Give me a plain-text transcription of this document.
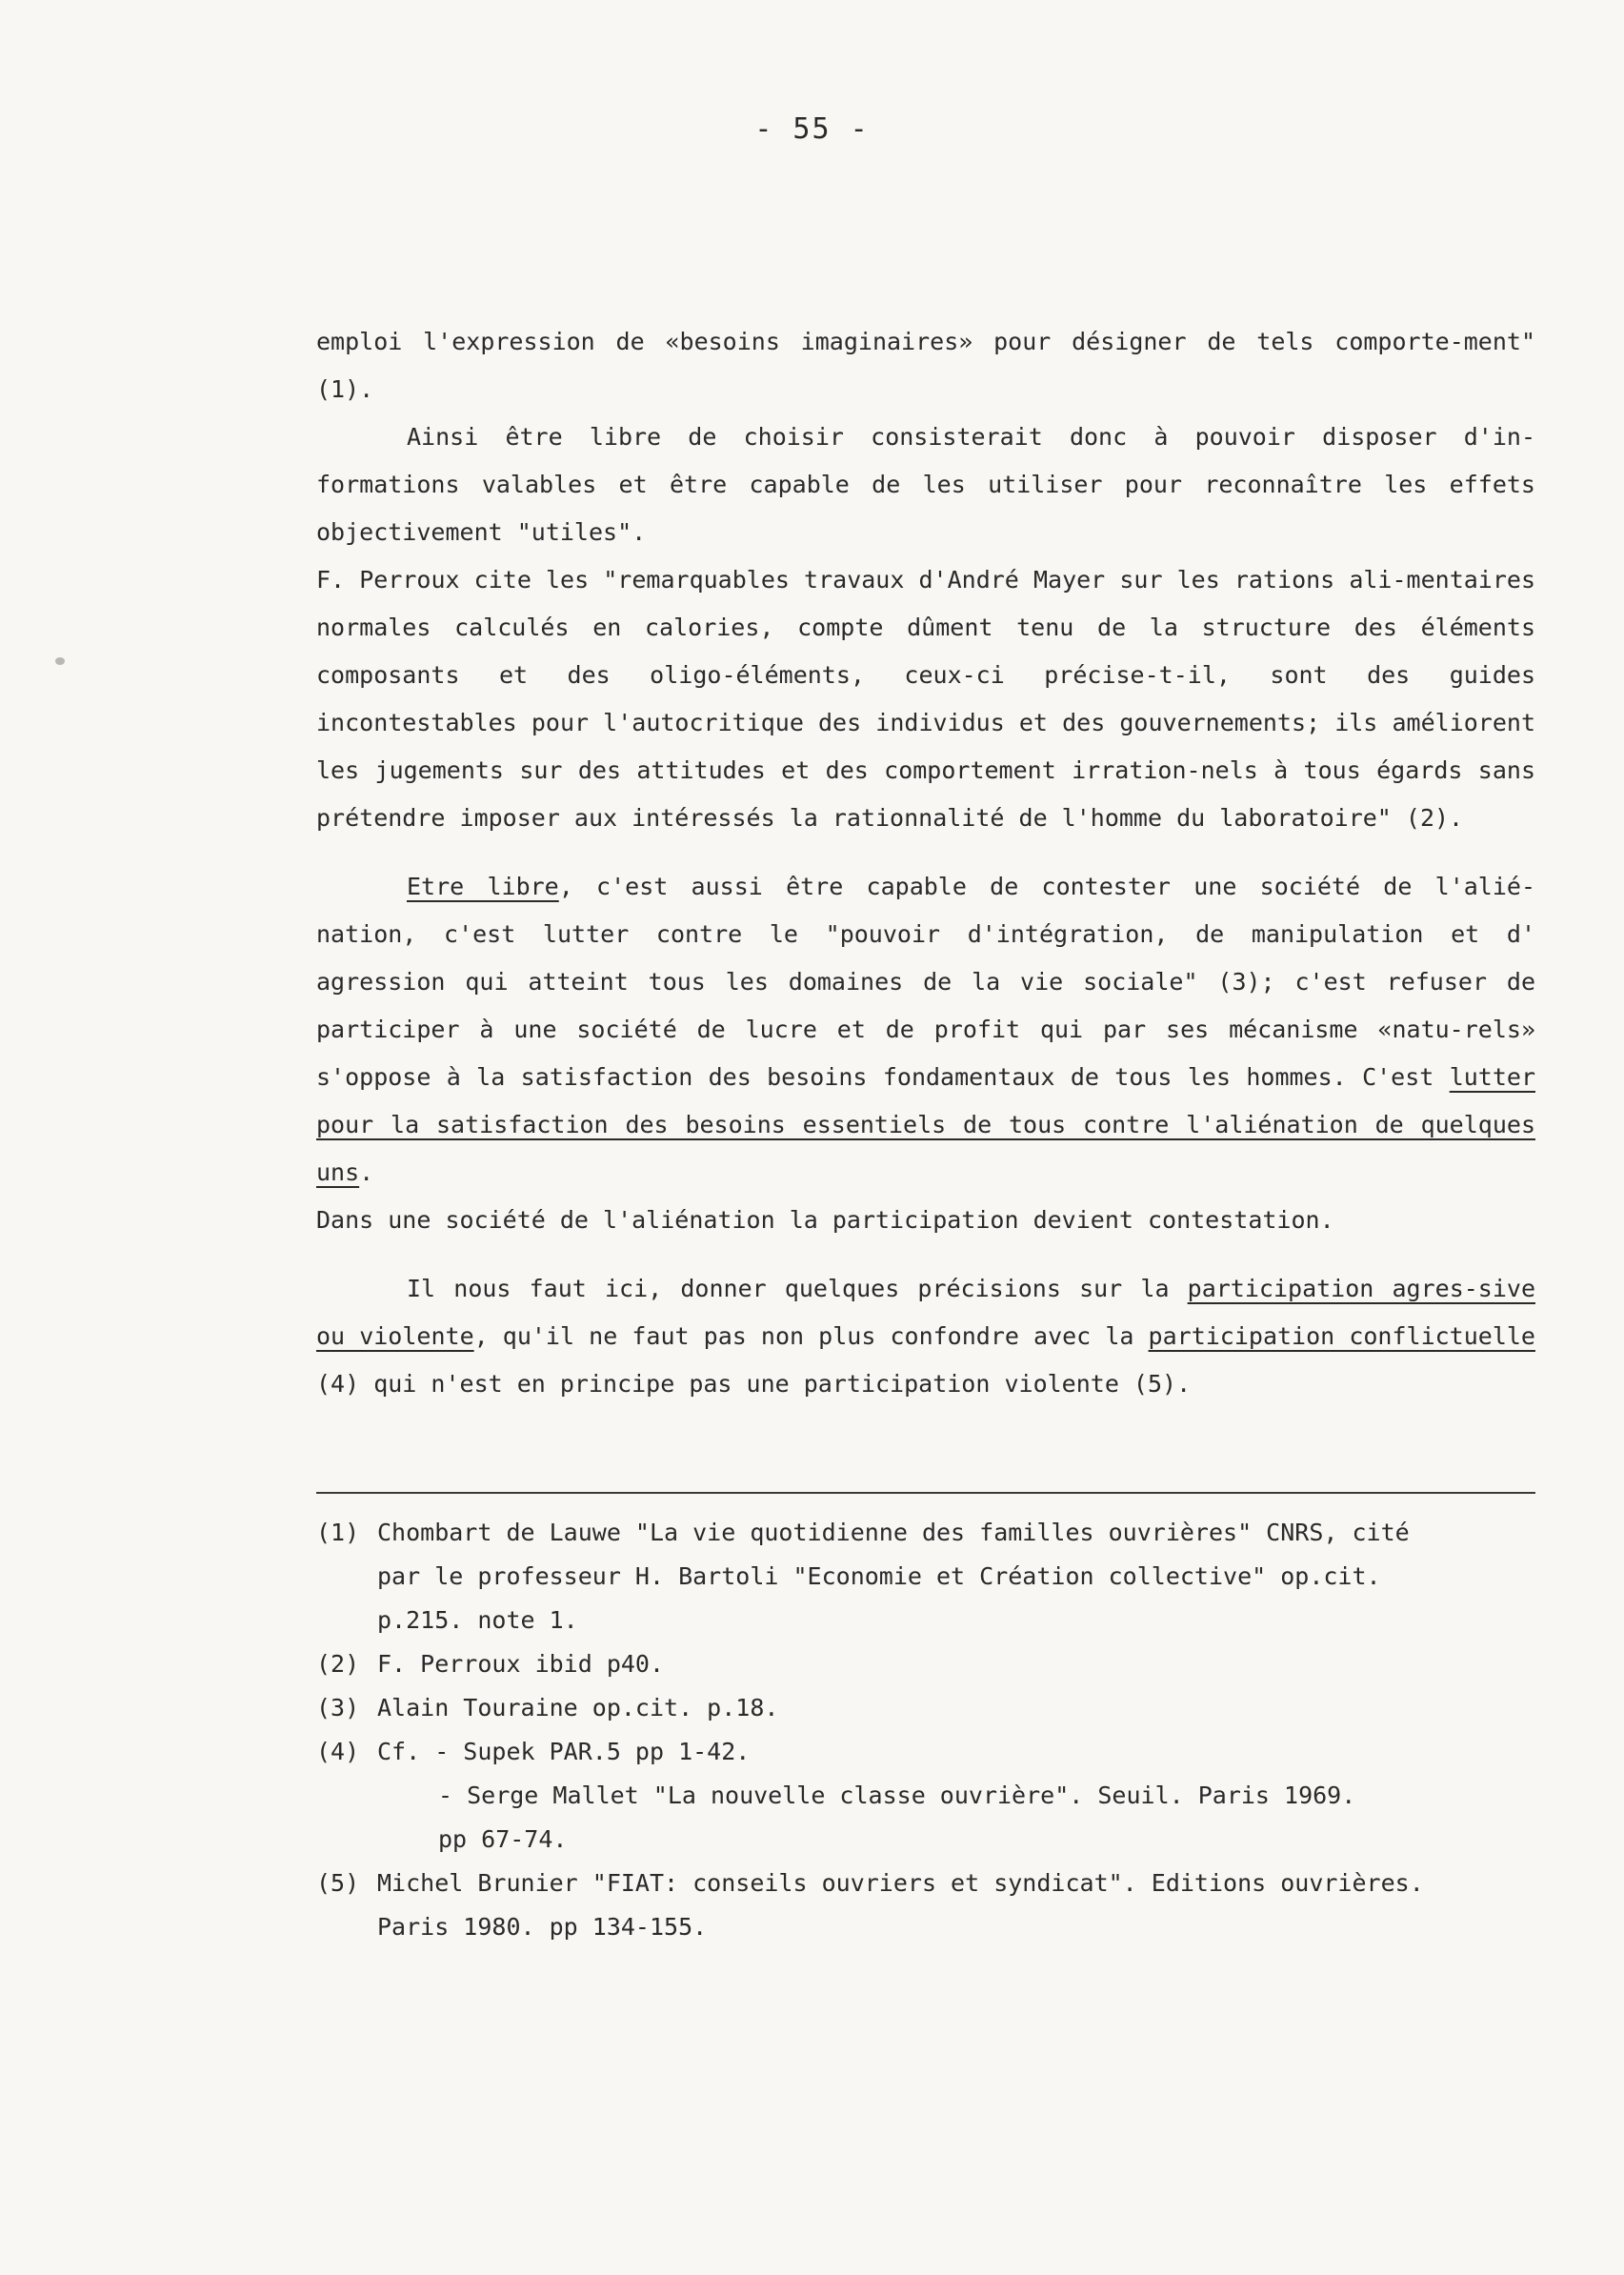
- 55 -

emploi l'expression de «besoins imaginaires» pour désigner de tels comporte-ment" (1).

Ainsi être libre de choisir consisterait donc à pouvoir disposer d'in-formations valables et être capable de les utiliser pour reconnaître les effets objectivement "utiles".

F. Perroux cite les "remarquables travaux d'André Mayer sur les rations ali-mentaires normales calculés en calories, compte dûment tenu de la structure des éléments composants et des oligo-éléments, ceux-ci précise-t-il, sont des guides incontestables pour l'autocritique des individus et des gouvernements; ils améliorent les jugements sur des attitudes et des comportement irration-nels à tous égards sans prétendre imposer aux intéressés la rationnalité de l'homme du laboratoire" (2).

Etre libre, c'est aussi être capable de contester une société de l'alié-nation, c'est lutter contre le "pouvoir d'intégration, de manipulation et d' agression qui atteint tous les domaines de la vie sociale" (3); c'est refuser de participer à une société de lucre et de profit qui par ses mécanisme «natu-rels» s'oppose à la satisfaction des besoins fondamentaux de tous les hommes. C'est lutter pour la satisfaction des besoins essentiels de tous contre l'aliénation de quelques uns.

Dans une société de l'aliénation la participation devient contestation.

Il nous faut ici, donner quelques précisions sur la participation agres-sive ou violente, qu'il ne faut pas non plus confondre avec la participation conflictuelle (4) qui n'est en principe pas une participation violente (5).

(1) Chombart de Lauwe "La vie quotidienne des familles ouvrières" CNRS, cité
par le professeur H. Bartoli "Economie et Création collective" op.cit.
p.215. note 1.
(2) F. Perroux ibid p40.
(3) Alain Touraine op.cit. p.18.
(4) Cf. - Supek PAR.5 pp 1-42.
- Serge Mallet "La nouvelle classe ouvrière". Seuil. Paris 1969.
pp 67-74.
(5) Michel Brunier "FIAT: conseils ouvriers et syndicat". Editions ouvrières.
Paris 1980. pp 134-155.
